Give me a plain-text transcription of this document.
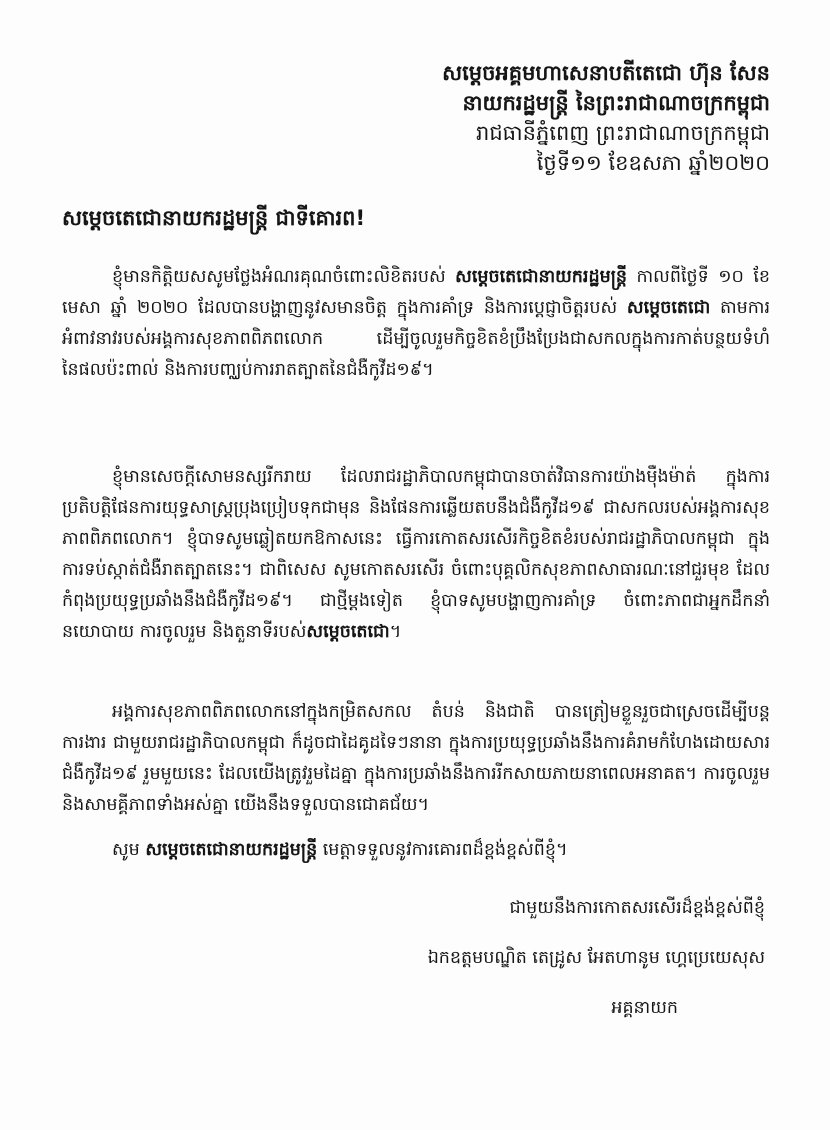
សម្តេចអគ្គមហាសេនាបតីតេជោ ហ៊ុន សែន

នាយករដ្ឋមន្ត្រី នៃព្រះរាជាណាចក្រកម្ពុជា

រាជធានីភ្នំពេញ ព្រះរាជាណាចក្រកម្ពុជា

ថ្ងៃទី១១ ខែឧសភា ឆ្នាំ២០២០

សម្តេចតេជោនាយករដ្ឋមន្ត្រី ជាទីគោរព!

ខ្ញុំមានកិត្តិយសសូមថ្លែងអំណរគុណចំពោះលិខិតរបស់ សម្តេចតេជោនាយករដ្ឋមន្ត្រី កាលពីថ្ងៃទី ១០ ខែមេសា ឆ្នាំ ២០២០ ដែលបានបង្ហាញនូវសមានចិត្ត ក្នុងការគាំទ្រ និងការប្តេជ្ញាចិត្តរបស់ សម្តេចតេជោ តាមការអំពាវនាវរបស់អង្គការសុខភាពពិភពលោក ដើម្បីចូលរួមកិច្ចខិតខំប្រឹងប្រែងជាសកលក្នុងការកាត់បន្ថយទំហំនៃផលប៉ះពាល់ និងការបញ្ឈប់ការរាតត្បាតនៃជំងឺកូវីដ១៩។

ខ្ញុំមានសេចក្តីសោមនស្សរីករាយ ដែលរាជរដ្ឋាភិបាលកម្ពុជាបានចាត់វិធានការយ៉ាងម៉ឺងម៉ាត់ ក្នុងការប្រតិបត្តិផែនការយុទ្ធសាស្ត្រប្រុងប្រៀបទុកជាមុន និងផែនការឆ្លើយតបនឹងជំងឺកូវីដ១៩ ជាសកលរបស់អង្គការសុខភាពពិភពលោក។ ខ្ញុំបាទសូមឆ្លៀតយកឱកាសនេះ ធ្វើការកោតសរសើរកិច្ចខិតខំរបស់រាជរដ្ឋាភិបាលកម្ពុជា ក្នុងការទប់ស្កាត់ជំងឺរាតត្បាតនេះ។ ជាពិសេស សូមកោតសរសើរ ចំពោះបុគ្គលិកសុខភាពសាធារណៈនៅជួរមុខ ដែលកំពុងប្រយុទ្ធប្រឆាំងនឹងជំងឺកូវីដ១៩។ ជាថ្មីម្តងទៀត ខ្ញុំបាទសូមបង្ហាញការគាំទ្រ ចំពោះភាពជាអ្នកដឹកនាំនយោបាយ ការចូលរួម និងតួនាទីរបស់សម្តេចតេជោ។

អង្គការសុខភាពពិភពលោកនៅក្នុងកម្រិតសកល តំបន់ និងជាតិ បានត្រៀមខ្លួនរួចជាស្រេចដើម្បីបន្តការងារ ជាមួយរាជរដ្ឋាភិបាលកម្ពុជា ក៏ដូចជាដៃគូដទៃៗនានា ក្នុងការប្រយុទ្ធប្រឆាំងនឹងការគំរាមកំហែងដោយសារជំងឺកូវីដ១៩ រួមមួយនេះ ដែលយើងត្រូវរួមដៃគ្នា ក្នុងការប្រឆាំងនឹងការរីកសាយភាយនាពេលអនាគត។ ការចូលរួម និងសាមគ្គីភាពទាំងអស់គ្នា យើងនឹងទទួលបានជោគជ័យ។

សូម សម្តេចតេជោនាយករដ្ឋមន្ត្រី មេត្តាទទួលនូវការគោរពដ៏ខ្ពង់ខ្ពស់ពីខ្ញុំ។

ជាមួយនឹងការកោតសរសើរដ៏ខ្ពង់ខ្ពស់ពីខ្ញុំ

ឯកឧត្តមបណ្ឌិត តេដ្រូស អែតហានូម ហ្គេប្រេយេសុស

អគ្គនាយក
